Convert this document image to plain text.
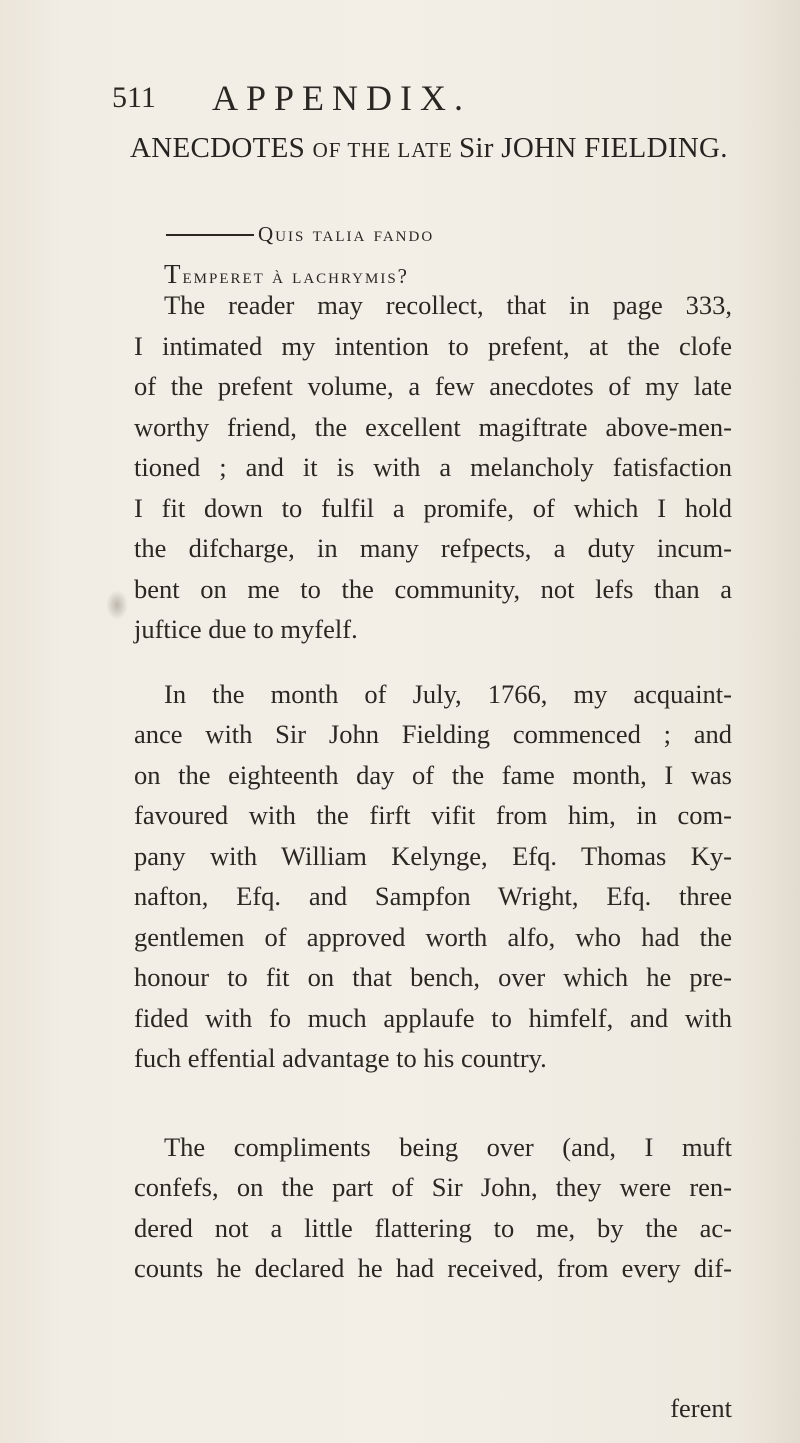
511 APPENDIX.
ANECDOTES OF THE LATE Sir JOHN FIELDING.
Quis talia fando
Temperet à lachrymis?
The reader may recollect, that in page 333,
I intimated my intention to prefent, at the clofe
of the prefent volume, a few anecdotes of my late
worthy friend, the excellent magiftrate above-men-
tioned ; and it is with a melancholy fatisfaction
I fit down to fulfil a promife, of which I hold
the difcharge, in many refpects, a duty incum-
bent on me to the community, not lefs than a
juftice due to myfelf.
In the month of July, 1766, my acquaint-
ance with Sir John Fielding commenced ; and
on the eighteenth day of the fame month, I was
favoured with the firft vifit from him, in com-
pany with William Kelynge, Efq. Thomas Ky-
nafton, Efq. and Sampfon Wright, Efq. three
gentlemen of approved worth alfo, who had the
honour to fit on that bench, over which he pre-
fided with fo much applaufe to himfelf, and with
fuch effential advantage to his country.
The compliments being over (and, I muft
confefs, on the part of Sir John, they were ren-
dered not a little flattering to me, by the ac-
counts he declared he had received, from every dif-
ferent
